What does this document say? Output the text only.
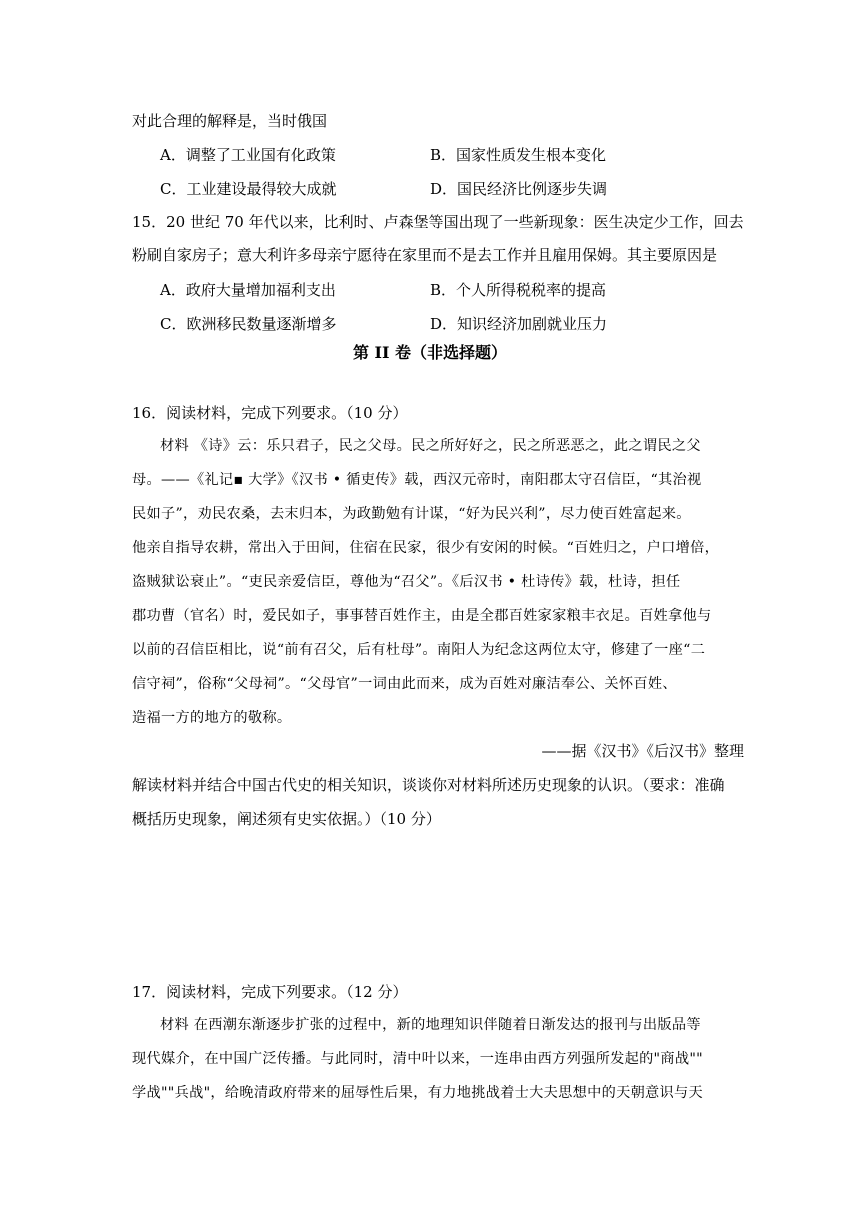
对此合理的解释是，当时俄国
A．调整了工业国有化政策	B．国家性质发生根本变化
C．工业建设最得较大成就	D．国民经济比例逐步失调
15．20 世纪 70 年代以来，比利时、卢森堡等国出现了一些新现象：医生决定少工作，回去
粉刷自家房子；意大利许多母亲宁愿待在家里而不是去工作并且雇用保姆。其主要原因是
A．政府大量增加福利支出	B．个人所得税税率的提高
C．欧洲移民数量逐渐增多	D．知识经济加剧就业压力
第 II 卷（非选择题）
16．阅读材料，完成下列要求。（10 分）
材料 《诗》云：乐只君子，民之父母。民之所好好之，民之所恶恶之，此之谓民之父
母。——《礼记▪ 大学》《汉书 • 循吏传》载，西汉元帝时，南阳郡太守召信臣，“其治视
民如子”，劝民农桑，去末归本，为政勤勉有计谋，“好为民兴利”，尽力使百姓富起来。
他亲自指导农耕，常出入于田间，住宿在民家，很少有安闲的时候。“百姓归之，户口增倍，
盗贼狱讼衰止”。“吏民亲爱信臣，尊他为“召父”。《后汉书 • 杜诗传》载，杜诗，担任
郡功曹（官名）时，爱民如子，事事替百姓作主，由是全郡百姓家家粮丰衣足。百姓拿他与
以前的召信臣相比，说“前有召父，后有杜母”。南阳人为纪念这两位太守，修建了一座“二
信守祠”，俗称“父母祠”。“父母官”一词由此而来，成为百姓对廉洁奉公、关怀百姓、
造福一方的地方的敬称。
——据《汉书》《后汉书》整理
解读材料并结合中国古代史的相关知识，谈谈你对材料所述历史现象的认识。（要求：准确
概括历史现象，阐述须有史实依据。）（10 分）
17．阅读材料，完成下列要求。（12 分）
材料 在西潮东渐逐步扩张的过程中，新的地理知识伴随着日渐发达的报刊与出版品等
现代媒介，在中国广泛传播。与此同时，清中叶以来，一连串由西方列强所发起的"商战""
学战""兵战"，给晚清政府带来的屈辱性后果，有力地挑战着士大夫思想中的天朝意识与天
